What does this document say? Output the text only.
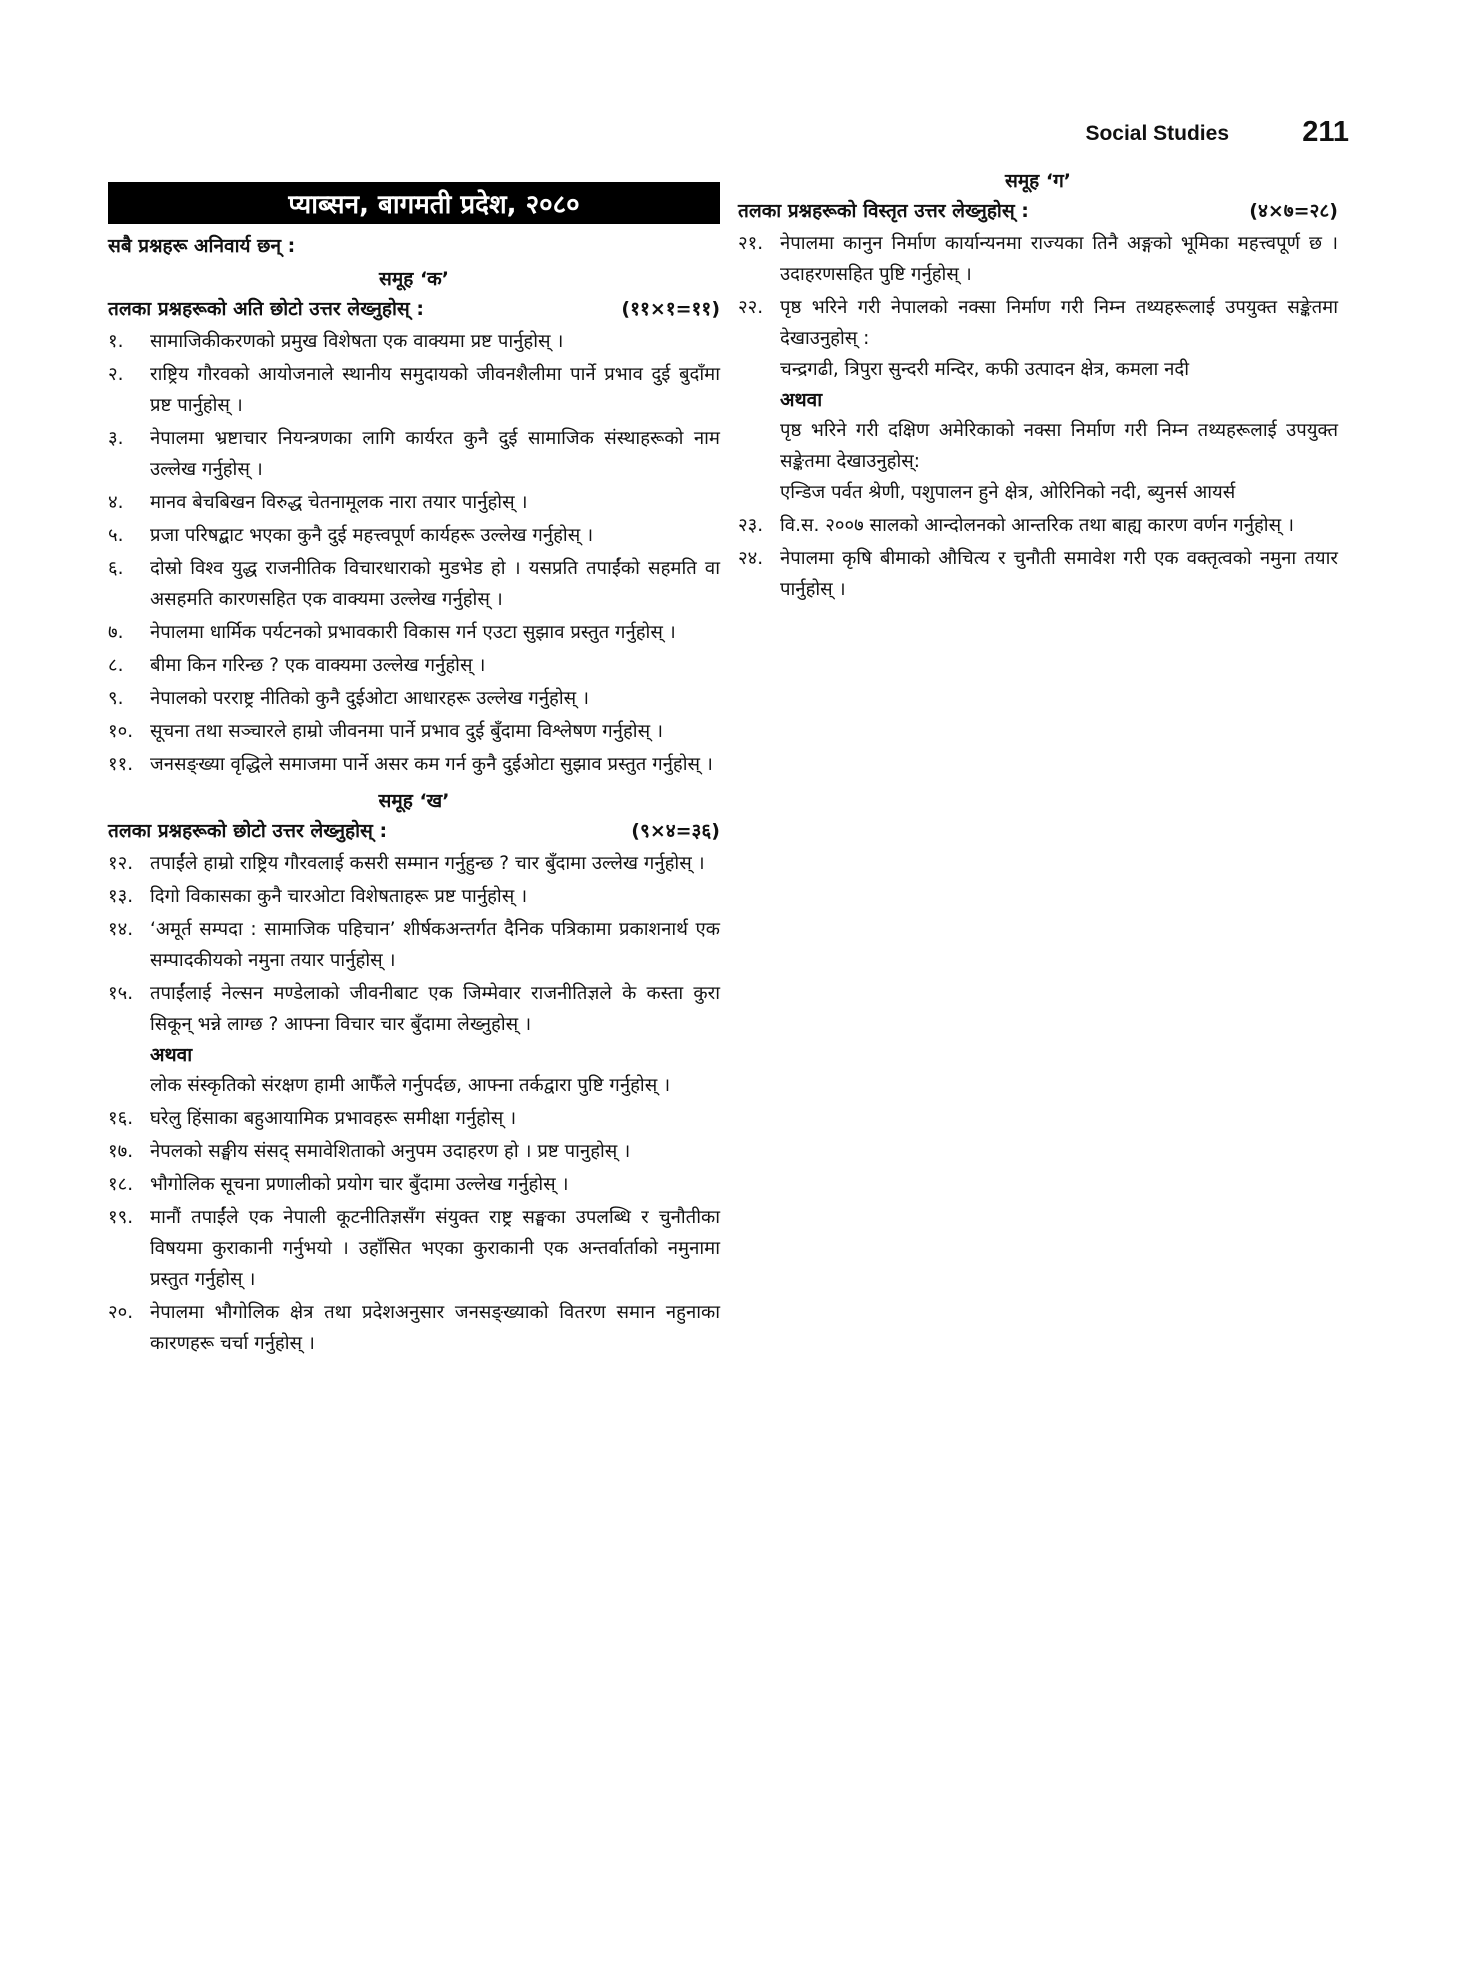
Social Studies	211
प्याब्सन, बागमती प्रदेश, २०८०
सबै प्रश्नहरू अनिवार्य छन् :
समूह ‘क’
तलका प्रश्नहरूको अति छोटो उत्तर लेख्नुहोस् :	(११×१=११)
१.	सामाजिकीकरणको प्रमुख विशेषता एक वाक्यमा प्रष्ट पार्नुहोस् ।
२.	राष्ट्रिय गौरवको आयोजनाले स्थानीय समुदायको जीवनशैलीमा पार्ने प्रभाव दुई बुदाँमा प्रष्ट पार्नुहोस् ।
३.	नेपालमा भ्रष्टाचार नियन्त्रणका लागि कार्यरत कुनै दुई सामाजिक संस्थाहरूको नाम उल्लेख गर्नुहोस् ।
४.	मानव बेचबिखन विरुद्ध चेतनामूलक नारा तयार पार्नुहोस् ।
५.	प्रजा परिषद्बाट भएका कुनै दुई महत्त्वपूर्ण कार्यहरू उल्लेख गर्नुहोस् ।
६.	दोस्रो विश्व युद्ध राजनीतिक विचारधाराको मुडभेड हो । यसप्रति तपाईंको सहमति वा असहमति कारणसहित एक वाक्यमा उल्लेख गर्नुहोस् ।
७.	नेपालमा धार्मिक पर्यटनको प्रभावकारी विकास गर्न एउटा सुझाव प्रस्तुत गर्नुहोस् ।
८.	बीमा किन गरिन्छ ? एक वाक्यमा उल्लेख गर्नुहोस् ।
९.	नेपालको परराष्ट्र नीतिको कुनै दुईओटा आधारहरू उल्लेख गर्नुहोस् ।
१०. सूचना तथा सञ्चारले हाम्रो जीवनमा पार्ने प्रभाव दुई बुँदामा विश्लेषण गर्नुहोस् ।
११. जनसङ्ख्या वृद्धिले समाजमा पार्ने असर कम गर्न कुनै दुईओटा सुझाव प्रस्तुत गर्नुहोस् ।
समूह ‘ख’
तलका प्रश्नहरूको छोटो उत्तर लेख्नुहोस् :	(९×४=३६)
१२. तपाईंले हाम्रो राष्ट्रिय गौरवलाई कसरी सम्मान गर्नुहुन्छ ? चार बुँदामा उल्लेख गर्नुहोस् ।
१३. दिगो विकासका कुनै चारओटा विशेषताहरू प्रष्ट पार्नुहोस् ।
१४. ‘अमूर्त सम्पदा : सामाजिक पहिचान’ शीर्षकअन्तर्गत दैनिक पत्रिकामा प्रकाशनार्थ एक सम्पादकीयको नमुना तयार पार्नुहोस् ।
१५. तपाईंलाई नेल्सन मण्डेलाको जीवनीबाट एक जिम्मेवार राजनीतिज्ञले के कस्ता कुरा सिकून् भन्ने लाग्छ ? आफ्ना विचार चार बुँदामा लेख्नुहोस् ।
अथवा
लोक संस्कृतिको संरक्षण हामी आफैँले गर्नुपर्दछ, आफ्ना तर्कद्वारा पुष्टि गर्नुहोस् ।
१६. घरेलु हिंसाका बहुआयामिक प्रभावहरू समीक्षा गर्नुहोस् ।
१७. नेपलको सङ्घीय संसद् समावेशिताको अनुपम उदाहरण हो । प्रष्ट पानुहोस् ।
१८. भौगोलिक सूचना प्रणालीको प्रयोग चार बुँदामा उल्लेख गर्नुहोस् ।
१९. मानौं तपाईंले एक नेपाली कूटनीतिज्ञसँग संयुक्त राष्ट्र सङ्घका उपलब्धि र चुनौतीका विषयमा कुराकानी गर्नुभयो । उहाँसित भएका कुराकानी एक अन्तर्वार्ताको नमुनामा प्रस्तुत गर्नुहोस् ।
२०. नेपालमा भौगोलिक क्षेत्र तथा प्रदेशअनुसार जनसङ्ख्याको वितरण समान नहुनाका कारणहरू चर्चा गर्नुहोस् ।
समूह ‘ग’
तलका प्रश्नहरूको विस्तृत उत्तर लेख्नुहोस् :	(४×७=२८)
२१. नेपालमा कानुन निर्माण कार्यान्यनमा राज्यका तिनै अङ्गको भूमिका महत्त्वपूर्ण छ । उदाहरणसहित पुष्टि गर्नुहोस् ।
२२. पृष्ठ भरिने गरी नेपालको नक्सा निर्माण गरी निम्न तथ्यहरूलाई उपयुक्त सङ्केतमा देखाउनुहोस् :
चन्द्रगढी, त्रिपुरा सुन्दरी मन्दिर, कफी उत्पादन क्षेत्र, कमला नदी
अथवा
पृष्ठ भरिने गरी दक्षिण अमेरिकाको नक्सा निर्माण गरी निम्न तथ्यहरूलाई उपयुक्त सङ्केतमा देखाउनुहोस्:
एन्डिज पर्वत श्रेणी, पशुपालन हुने क्षेत्र, ओरिनिको नदी, ब्युनर्स आयर्स
२३. वि.स. २००७ सालको आन्दोलनको आन्तरिक तथा बाह्य कारण वर्णन गर्नुहोस् ।
२४. नेपालमा कृषि बीमाको औचित्य र चुनौती समावेश गरी एक वक्तृत्वको नमुना तयार पार्नुहोस् ।
